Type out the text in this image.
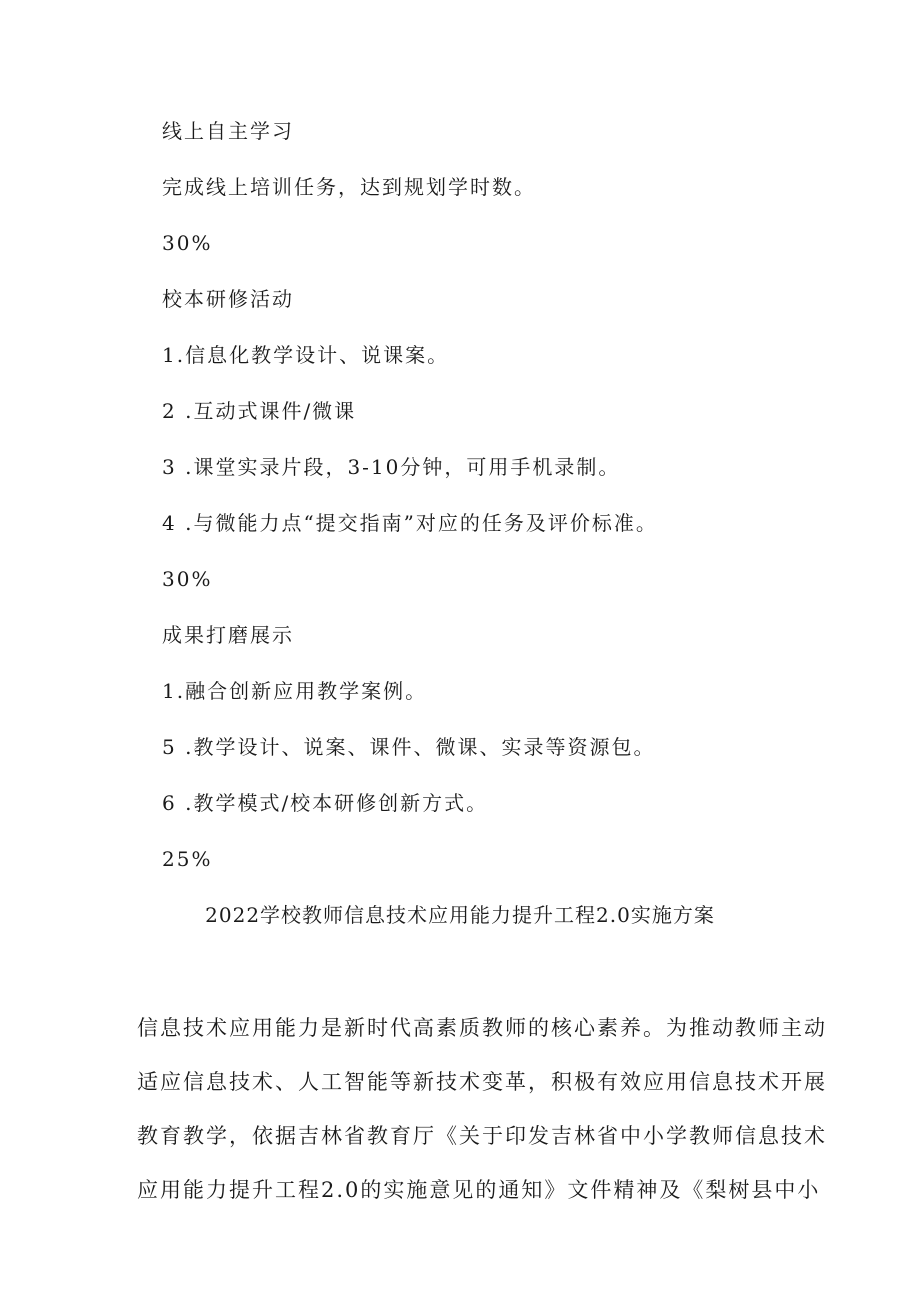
线上自主学习
完成线上培训任务，达到规划学时数。
30%
校本研修活动
1.信息化教学设计、说课案。
2 .互动式课件/微课
3 .课堂实录片段，3-10分钟，可用手机录制。
4 .与微能力点“提交指南”对应的任务及评价标准。
30%
成果打磨展示
1.融合创新应用教学案例。
5 .教学设计、说案、课件、微课、实录等资源包。
6 .教学模式/校本研修创新方式。
25%
2022学校教师信息技术应用能力提升工程2.0实施方案
信息技术应用能力是新时代高素质教师的核心素养。为推动教师主动
适应信息技术、人工智能等新技术变革，积极有效应用信息技术开展
教育教学，依据吉林省教育厅《关于印发吉林省中小学教师信息技术
应用能力提升工程2.0的实施意见的通知》文件精神及《梨树县中小
